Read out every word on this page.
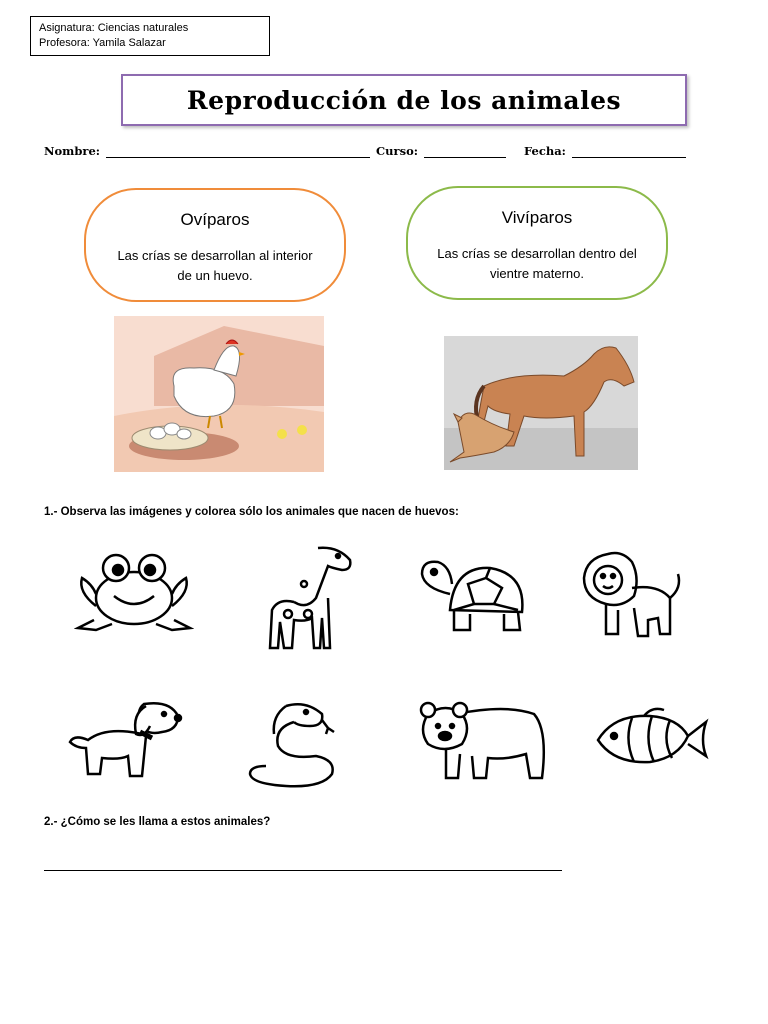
Asignatura: Ciencias naturales
Profesora: Yamila Salazar
Reproducción de los animales
Nombre:	Curso:	Fecha:
Ovíparos

Las crías se desarrollan al interior de un huevo.

Vivíparos

Las crías se desarrollan dentro del vientre materno.

1.- Observa las imágenes y colorea sólo los animales que nacen de huevos:
2.- ¿Cómo se les llama a estos animales?
